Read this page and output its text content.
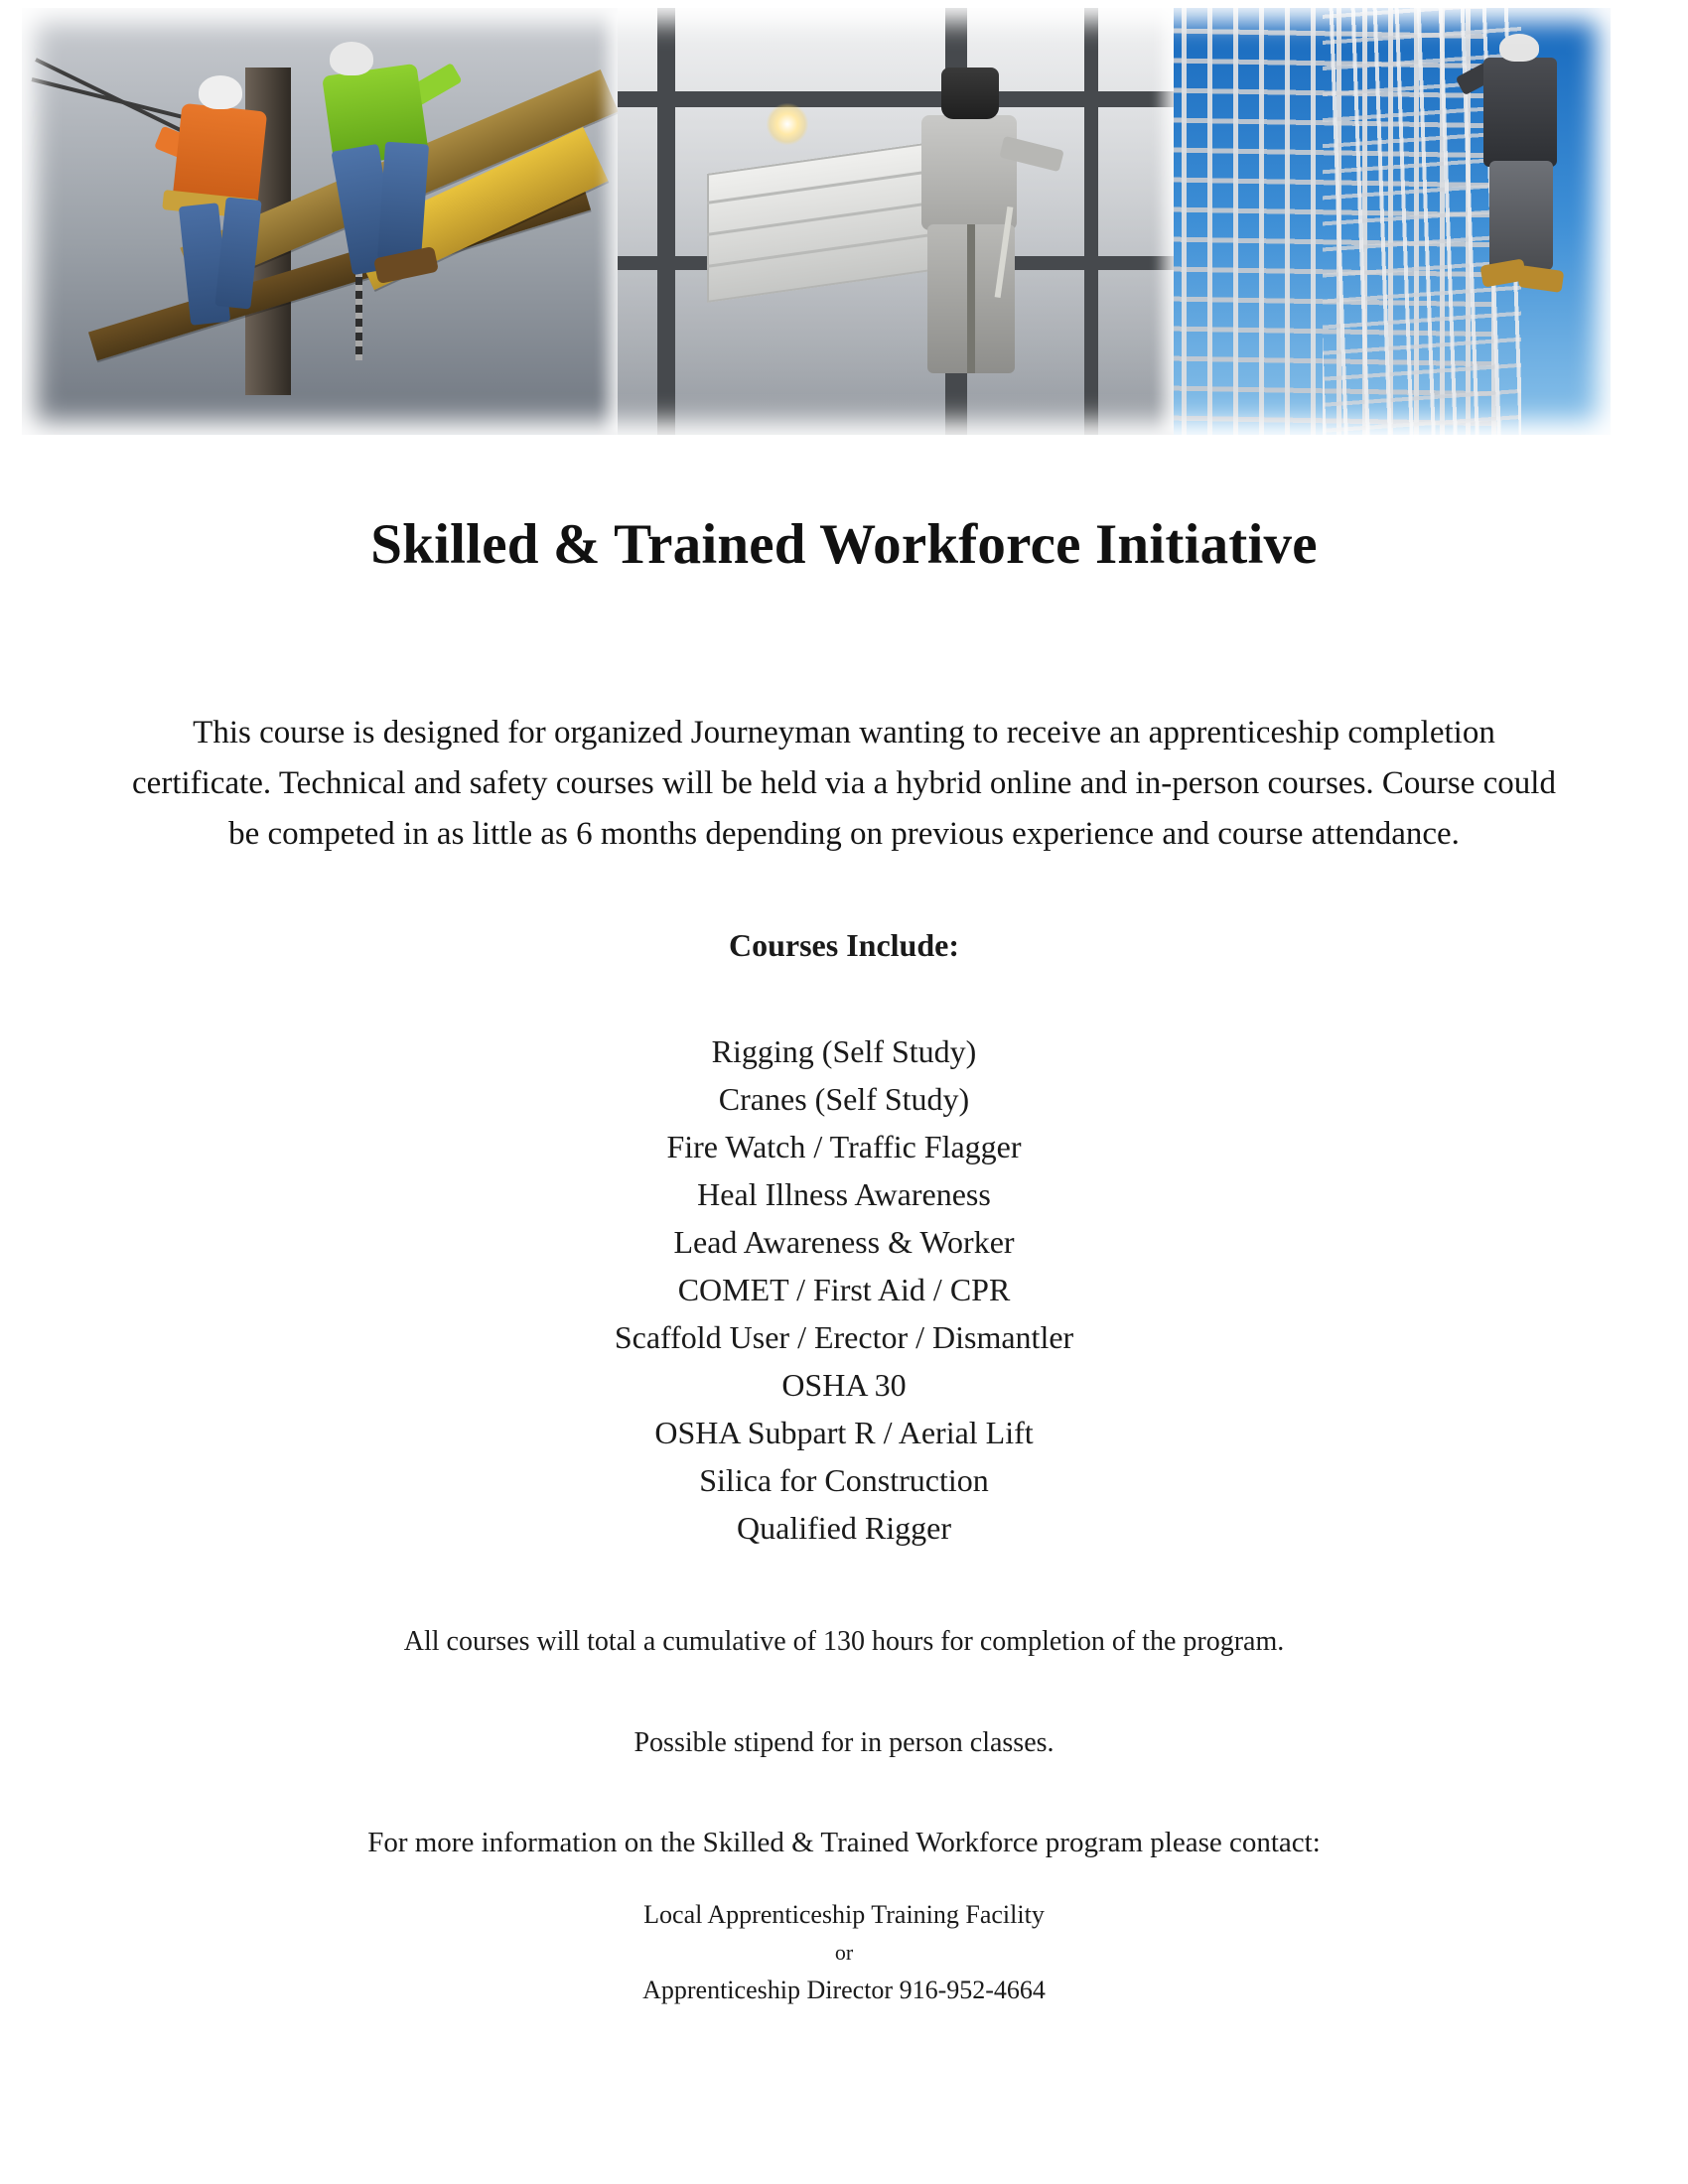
Skilled & Trained Workforce Initiative

This course is designed for organized Journeyman wanting to receive an apprenticeship completion certificate. Technical and safety courses will be held via a hybrid online and in-person courses. Course could be competed in as little as 6 months depending on previous experience and course attendance.

Courses Include:
Rigging (Self Study)
Cranes (Self Study)
Fire Watch / Traffic Flagger
Heal Illness Awareness
Lead Awareness & Worker
COMET / First Aid / CPR
Scaffold User / Erector / Dismantler
OSHA 30
OSHA Subpart R / Aerial Lift
Silica for Construction
Qualified Rigger
All courses will total a cumulative of 130 hours for completion of the program.
Possible stipend for in person classes.
For more information on the Skilled & Trained Workforce program please contact:
Local Apprenticeship Training Facility
or
Apprenticeship Director 916-952-4664
